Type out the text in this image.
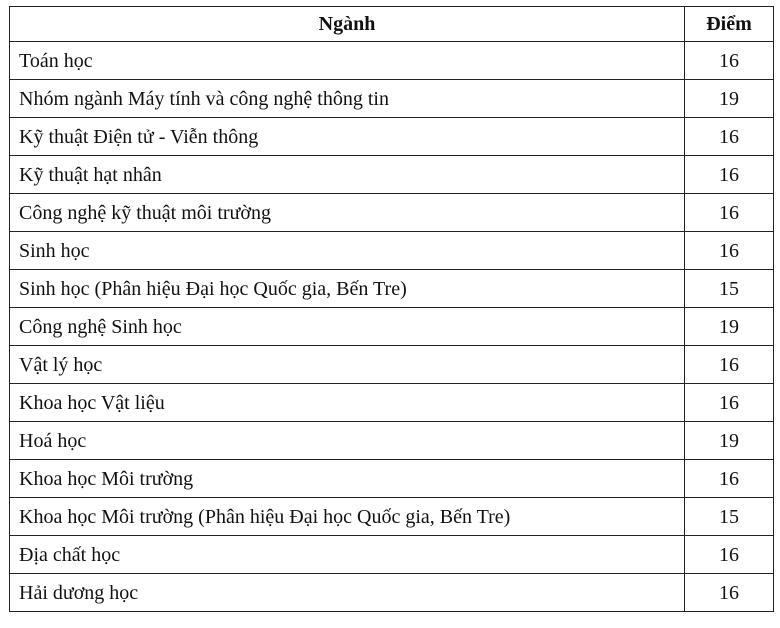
Ngành	Điểm
Toán học	16
Nhóm ngành Máy tính và công nghệ thông tin	19
Kỹ thuật Điện tử - Viễn thông	16
Kỹ thuật hạt nhân	16
Công nghệ kỹ thuật môi trường	16
Sinh học	16
Sinh học (Phân hiệu Đại học Quốc gia, Bến Tre)	15
Công nghệ Sinh học	19
Vật lý học	16
Khoa học Vật liệu	16
Hoá học	19
Khoa học Môi trường	16
Khoa học Môi trường (Phân hiệu Đại học Quốc gia, Bến Tre)	15
Địa chất học	16
Hải dương học	16
